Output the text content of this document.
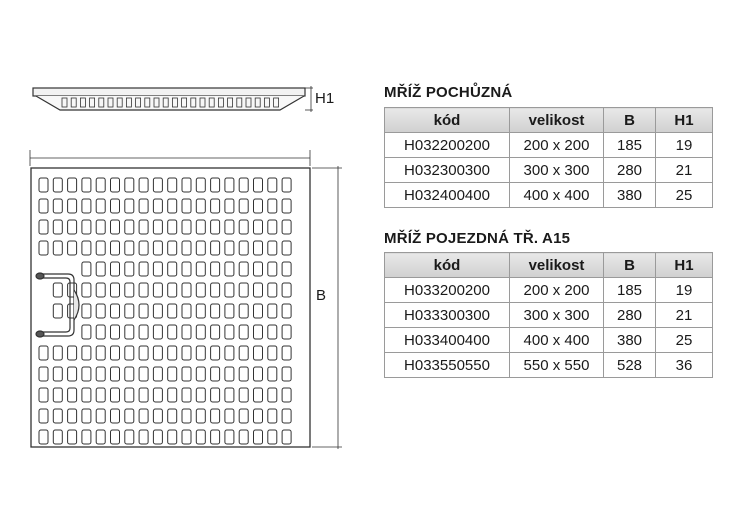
H1
B
MŘÍŽ POCHŮZNÁ
kód	velikost	B	H1
H032200200	200 x 200	185	19
H032300300	300 x 300	280	21
H032400400	400 x 400	380	25
MŘÍŽ POJEZDNÁ TŘ. A15
kód	velikost	B	H1
H033200200	200 x 200	185	19
H033300300	300 x 300	280	21
H033400400	400 x 400	380	25
H033550550	550 x 550	528	36
